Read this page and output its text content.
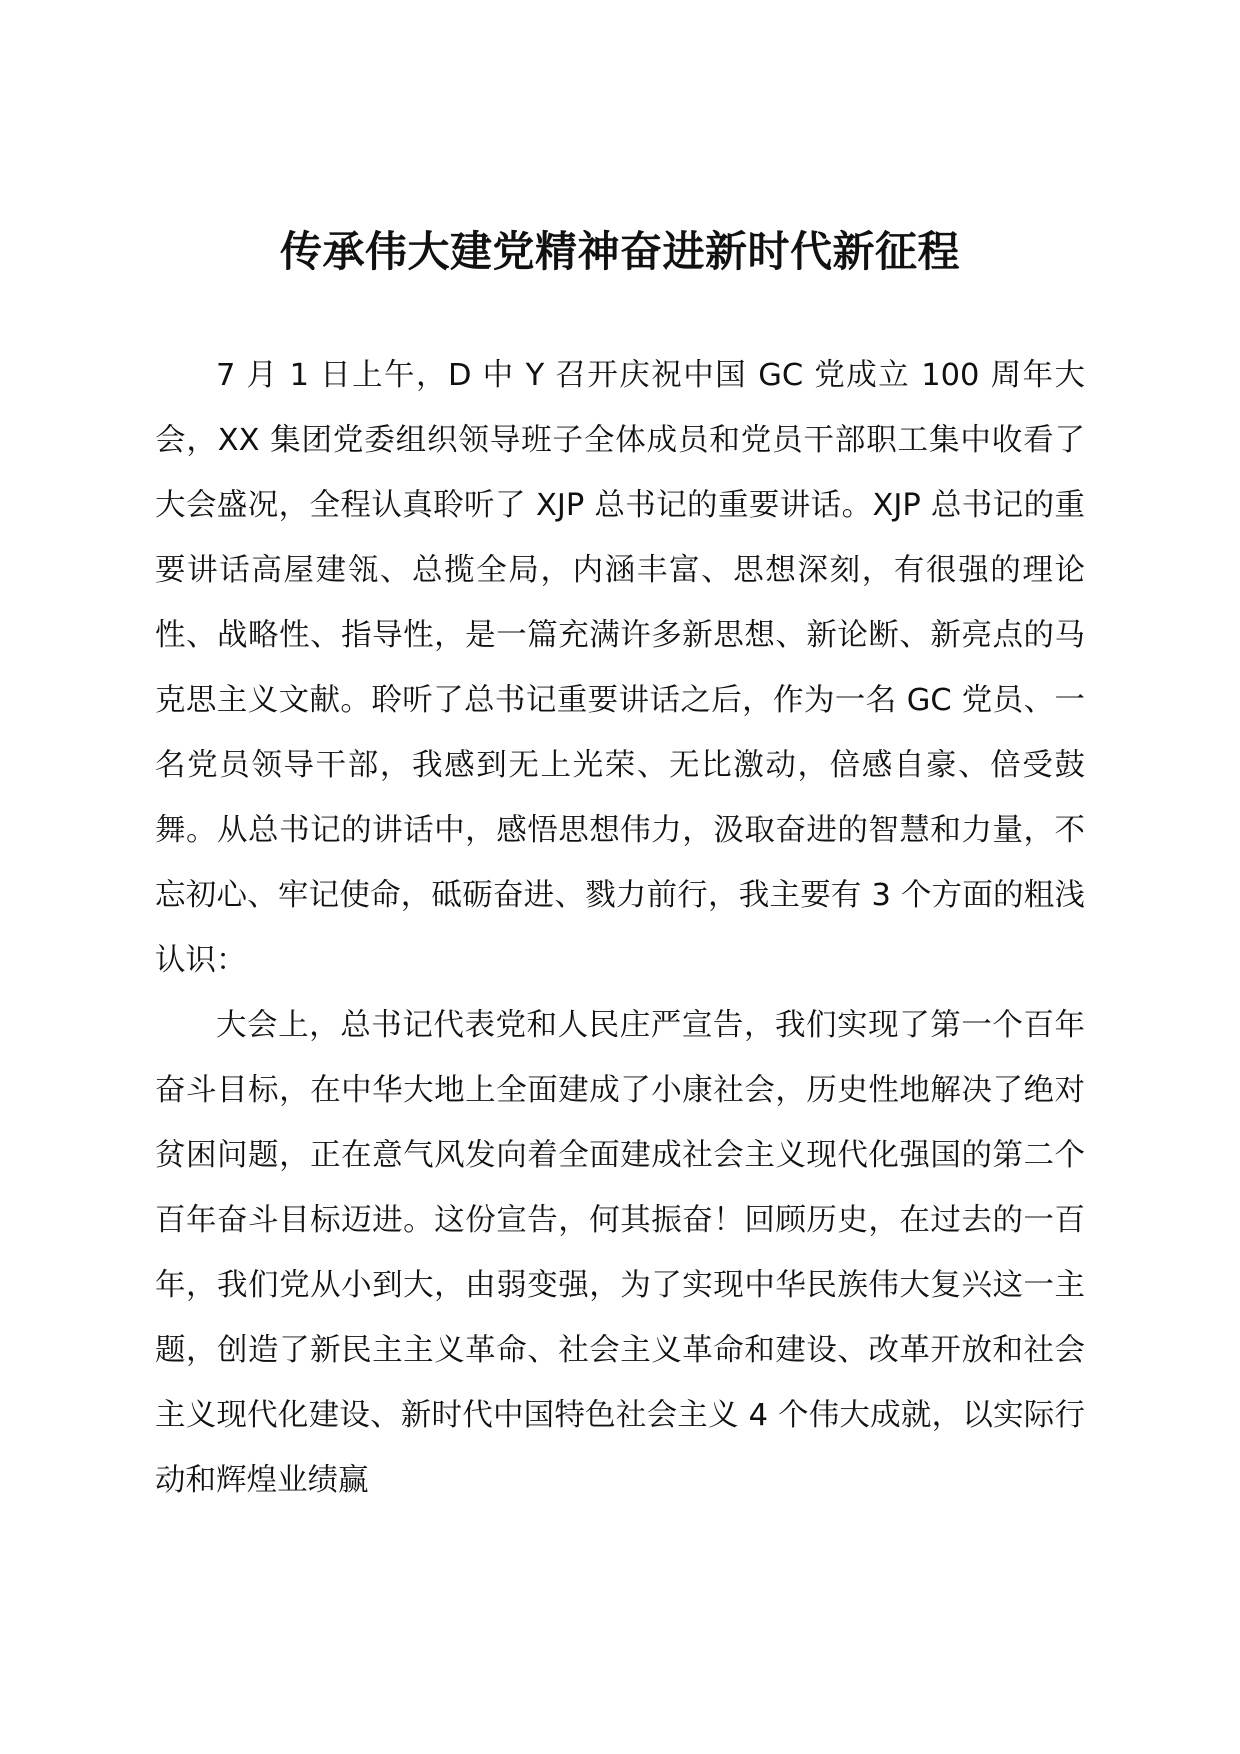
传承伟大建党精神奋进新时代新征程

7 月 1 日上午，D 中 Y 召开庆祝中国 GC 党成立 100 周年大会，XX 集团党委组织领导班子全体成员和党员干部职工集中收看了大会盛况，全程认真聆听了 XJP 总书记的重要讲话。XJP 总书记的重要讲话高屋建瓴、总揽全局，内涵丰富、思想深刻，有很强的理论性、战略性、指导性，是一篇充满许多新思想、新论断、新亮点的马克思主义文献。聆听了总书记重要讲话之后，作为一名 GC 党员、一名党员领导干部，我感到无上光荣、无比激动，倍感自豪、倍受鼓舞。从总书记的讲话中，感悟思想伟力，汲取奋进的智慧和力量，不忘初心、牢记使命，砥砺奋进、戮力前行，我主要有 3 个方面的粗浅认识：

大会上，总书记代表党和人民庄严宣告，我们实现了第一个百年奋斗目标，在中华大地上全面建成了小康社会，历史性地解决了绝对贫困问题，正在意气风发向着全面建成社会主义现代化强国的第二个百年奋斗目标迈进。这份宣告，何其振奋！回顾历史，在过去的一百年，我们党从小到大，由弱变强，为了实现中华民族伟大复兴这一主题，创造了新民主主义革命、社会主义革命和建设、改革开放和社会主义现代化建设、新时代中国特色社会主义 4 个伟大成就，以实际行动和辉煌业绩赢
